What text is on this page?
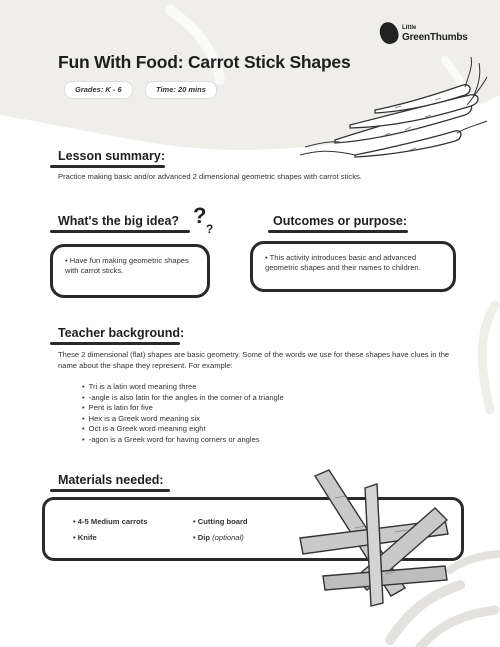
Little
GreenThumbs
Fun With Food: Carrot Stick Shapes
Grades: K - 6	Time: 20 mins
Lesson summary:

Practice making basic and/or advanced 2 dimensional geometric shapes with carrot sticks.

What's the big idea? ?
?

• Have fun making geometric shapes with carrot sticks.

Outcomes or purpose:

• This activity introduces basic and advanced geometric shapes and their names to children.

Teacher background:

These 2 dimensional (flat) shapes are basic geometry. Some of the words we use for these shapes have clues in the name about the shape they represent. For example:

• Tri is a latin word meaning three
• -angle is also latin for the angles in the corner of a triangle
• Pent is latin for five
• Hex is a Greek word meaning six
• Oct is a Greek word meaning eight
• -agon is a Greek word for having corners or angles
Materials needed:
• 4-5 Medium carrots
• Knife
• Cutting board
• Dip (optional)
